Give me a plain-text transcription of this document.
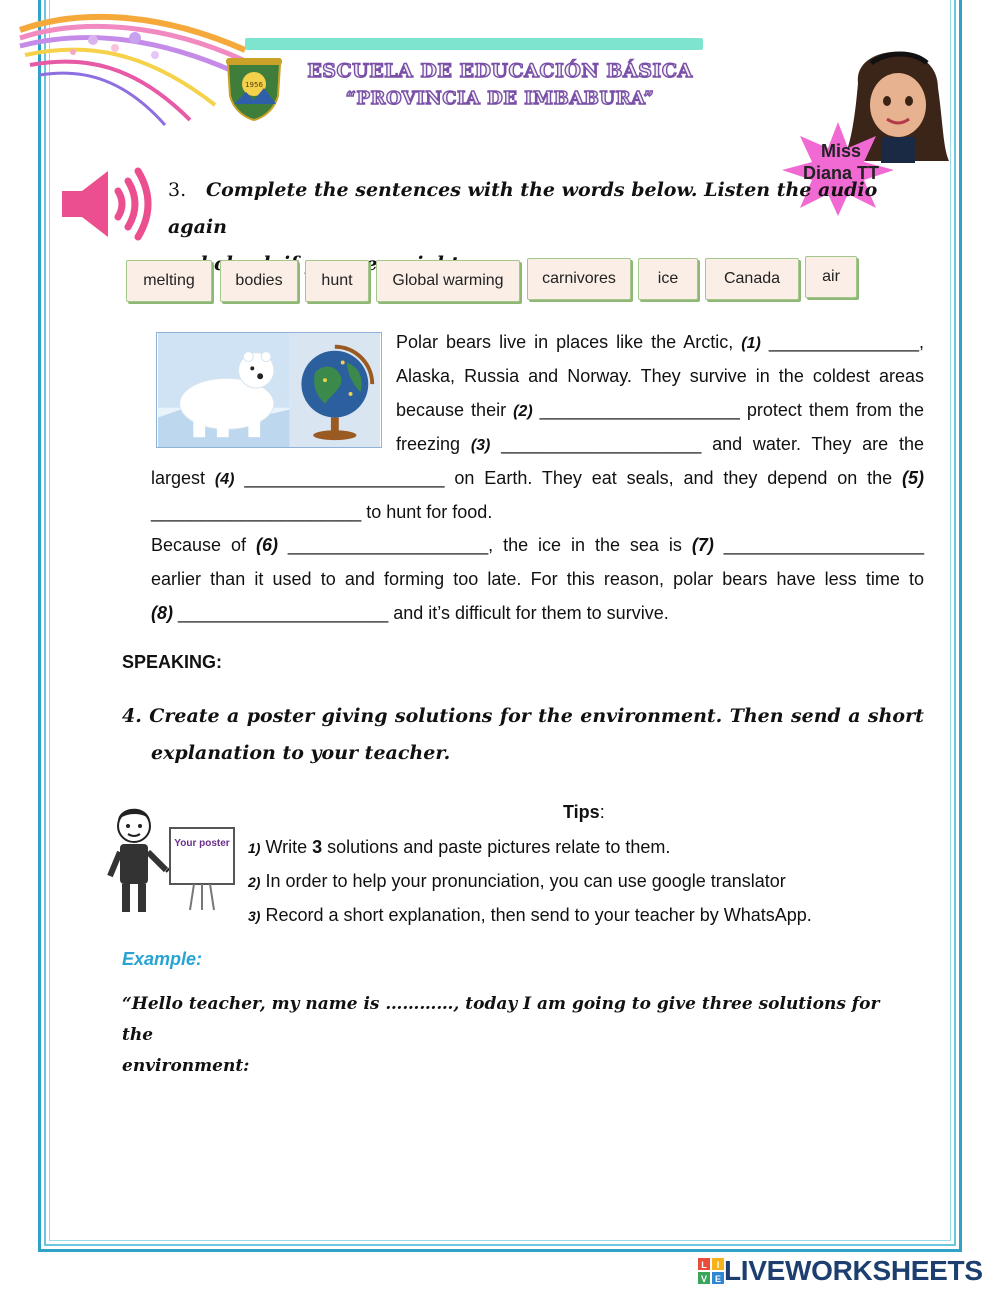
1956
ESCUELA DE EDUCACIÓN BÁSICA
“PROVINCIA DE IMBABURA”
Miss Diana TT
3. Complete the sentences with the words below. Listen the audio again
were
melting	bodies	hunt	Global warming	carnivores	ice	Canada	air
Polar bears live in places like the Arctic, (1) _______________,
Alaska, Russia and Norway. They survive in the coldest areas
because their (2) ____________________ protect them from the
freezing (3) ____________________ and water. They are the
largest (4) ____________________ on Earth. They eat seals, and they depend on the (5)
_____________________ to hunt for food.
Because of (6) ____________________, the ice in the sea is (7) ____________________
earlier than it used to and forming too late. For this reason, polar bears have less time to
(8) _____________________ and it’s difficult for them to survive.
SPEAKING:
4. Create a poster giving solutions for the environment. Then send a short
explanation to your teacher.
Your poster
Tips:
1) Write 3 solutions and paste pictures relate to them.
2) In order to help your pronunciation, you can use google translator
3) Record a short explanation, then send to your teacher by WhatsApp.
Example:
“Hello teacher, my name is …………, today I am going to give three solutions for the
environment:
L I
V E LIVEWORKSHEETS
